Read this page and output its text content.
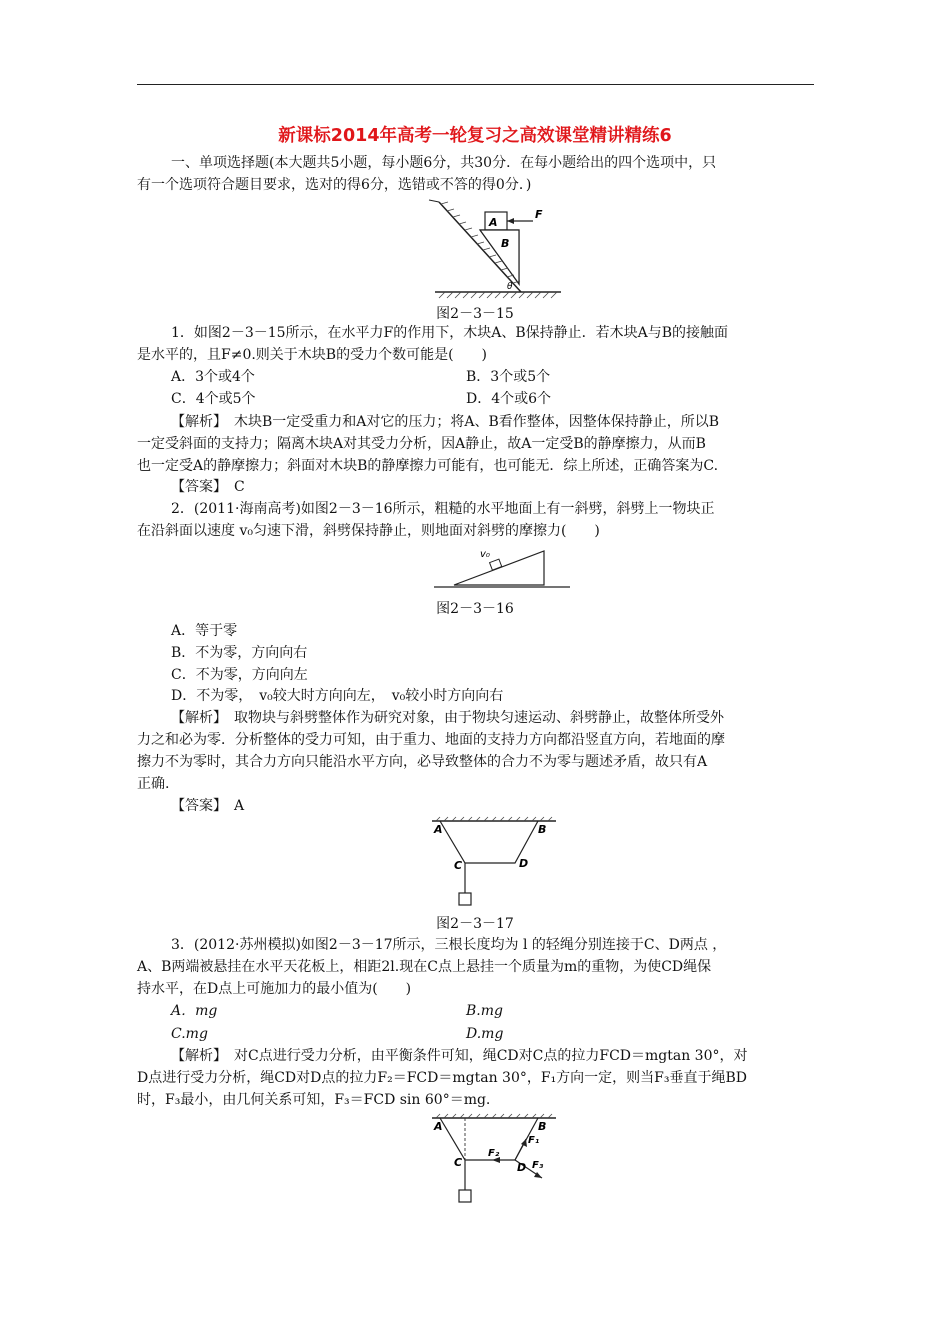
新课标2014年高考一轮复习之高效课堂精讲精练6
一、单项选择题(本大题共5小题，每小题6分，共30分．在每小题给出的四个选项中，只
有一个选项符合题目要求，选对的得6分，选错或不答的得0分．)
A
B
F
θ
图2－3－15
1．如图2－3－15所示，在水平力F的作用下，木块A、B保持静止．若木块A与B的接触面
是水平的，且F≠0.则关于木块B的受力个数可能是(　　)
A．3个或4个	B．3个或5个
C．4个或5个	D．4个或6个
【解析】　木块B一定受重力和A对它的压力；将A、B看作整体，因整体保持静止，所以B
一定受斜面的支持力；隔离木块A对其受力分析，因A静止，故A一定受B的静摩擦力，从而B
也一定受A的静摩擦力；斜面对木块B的静摩擦力可能有，也可能无．综上所述，正确答案为C.
【答案】　C
2．(2011·海南高考)如图2－3－16所示，粗糙的水平地面上有一斜劈，斜劈上一物块正
在沿斜面以速度 v₀匀速下滑，斜劈保持静止，则地面对斜劈的摩擦力(　　)
v₀
图2－3－16
A．等于零
B．不为零，方向向右
C．不为零，方向向左
D．不为零，　v₀较大时方向向左，　v₀较小时方向向右
【解析】　取物块与斜劈整体作为研究对象，由于物块匀速运动、斜劈静止，故整体所受外
力之和必为零．分析整体的受力可知，由于重力、地面的支持力方向都沿竖直方向，若地面的摩
擦力不为零时，其合力方向只能沿水平方向，必导致整体的合力不为零与题述矛盾，故只有A
正确.
【答案】　A
A	B
C	D
图2－3－17
3．(2012·苏州模拟)如图2－3－17所示，三根长度均为 l 的轻绳分别连接于C、D两点 ，
A、B两端被悬挂在水平天花板上，相距2l.现在C点上悬挂一个质量为m的重物，为使CD绳保
持水平，在D点上可施加力的最小值为(　　)
A．mg	B.mg
C.mg	D.mg
【解析】　对C点进行受力分析，由平衡条件可知，绳CD对C点的拉力FCD＝mgtan 30°，对
D点进行受力分析，绳CD对D点的拉力F₂＝FCD＝mgtan 30°，F₁方向一定，则当F₃垂直于绳BD
时，F₃最小，由几何关系可知，F₃＝FCD sin 60°＝mg.
A	B
C	D
F₁
F₂
F₃
